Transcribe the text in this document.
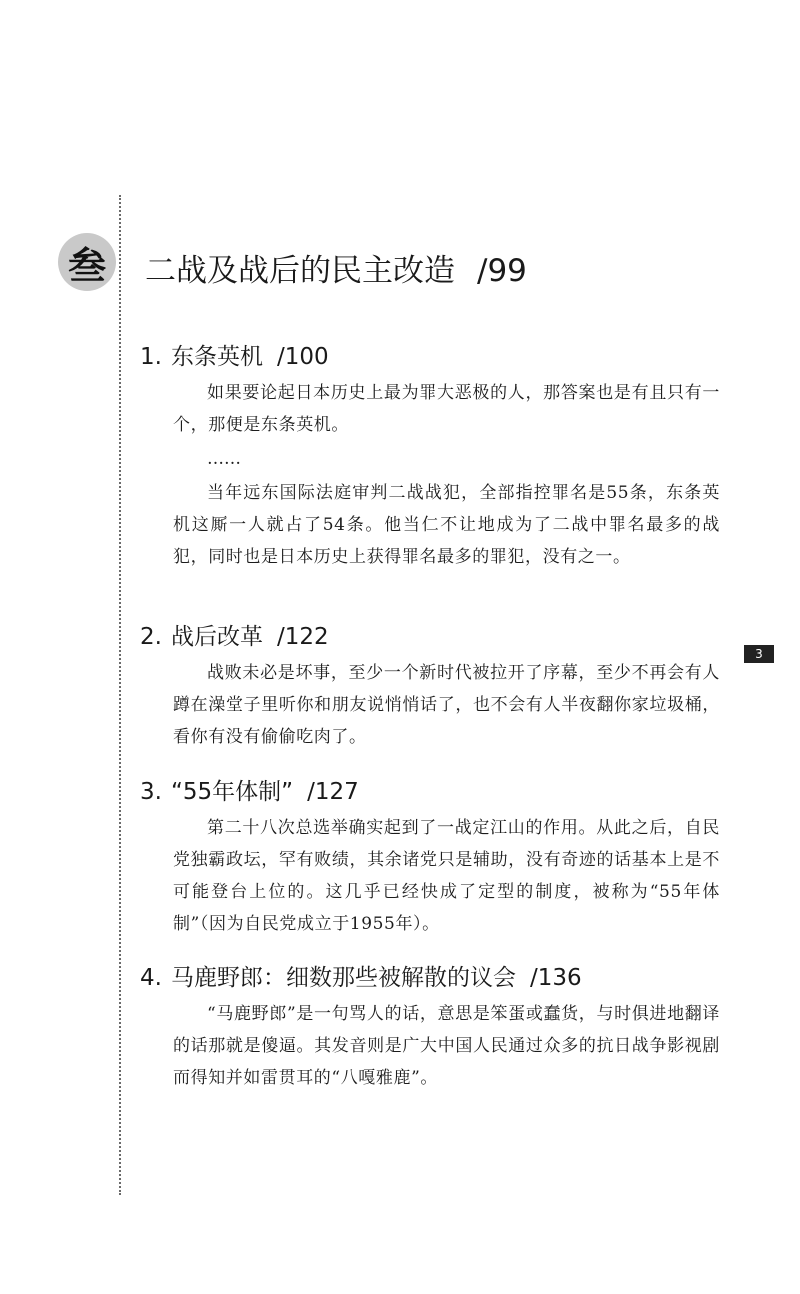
叁 二战及战后的民主改造 /99
3
1. 东条英机 /100

如果要论起日本历史上最为罪大恶极的人，那答案也是有且只有一个，那便是东条英机。

……

当年远东国际法庭审判二战战犯，全部指控罪名是55条，东条英机这厮一人就占了54条。他当仁不让地成为了二战中罪名最多的战犯，同时也是日本历史上获得罪名最多的罪犯，没有之一。

2. 战后改革 /122

战败未必是坏事，至少一个新时代被拉开了序幕，至少不再会有人蹲在澡堂子里听你和朋友说悄悄话了，也不会有人半夜翻你家垃圾桶，看你有没有偷偷吃肉了。

3. “55年体制” /127

第二十八次总选举确实起到了一战定江山的作用。从此之后，自民党独霸政坛，罕有败绩，其余诸党只是辅助，没有奇迹的话基本上是不可能登台上位的。这几乎已经快成了定型的制度，被称为“55年体制”（因为自民党成立于1955年）。

4. 马鹿野郎：细数那些被解散的议会 /136

“马鹿野郎”是一句骂人的话，意思是笨蛋或蠢货，与时俱进地翻译的话那就是傻逼。其发音则是广大中国人民通过众多的抗日战争影视剧而得知并如雷贯耳的“八嘎雅鹿”。
